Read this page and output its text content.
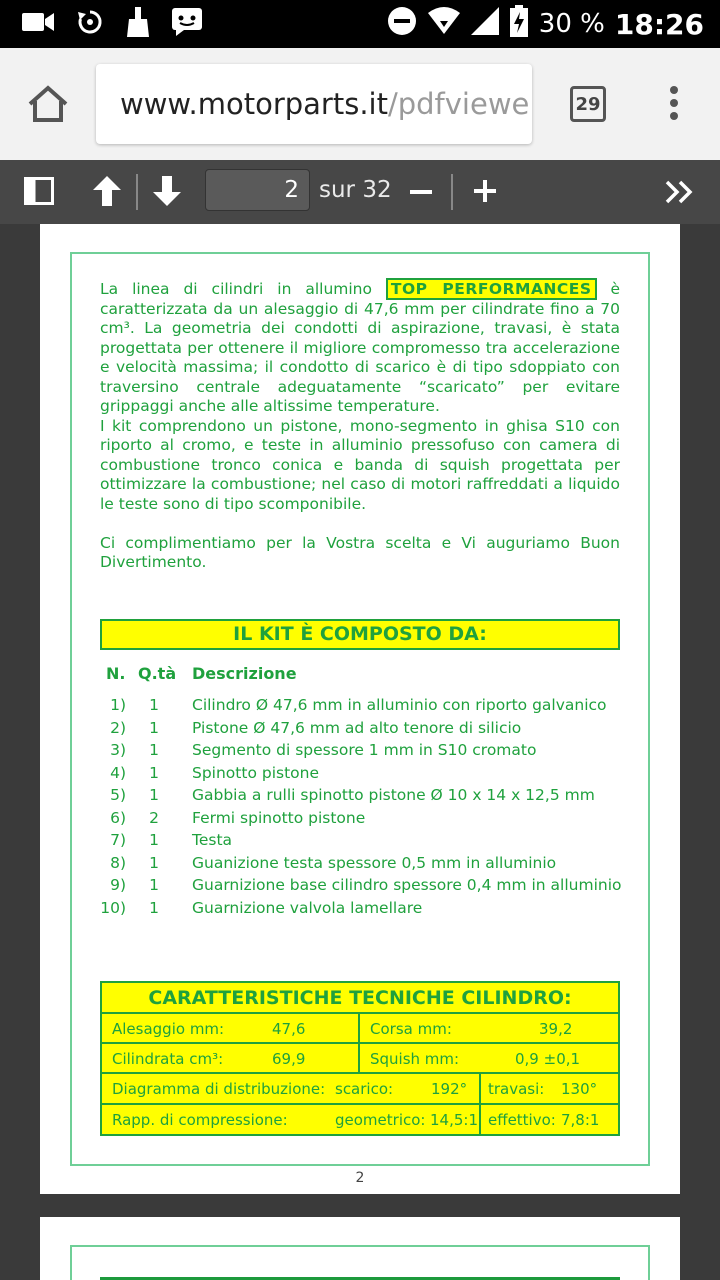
30 % 18:26
www.motorparts.it /pdfviewe	29
2 sur 32

La linea di cilindri in allumino TOP PERFORMANCES è caratterizzata da un alesaggio di 47,6 mm per cilindrate fino a 70 cm³. La geometria dei condotti di aspirazione, travasi, è stata progettata per ottenere il migliore compromesso tra accelerazione e velocità massima; il condotto di scarico è di tipo sdoppiato con traversino centrale adeguatamente “scaricato” per evitare grippaggi anche alle altissime temperature.

I kit comprendono un pistone, mono-segmento in ghisa S10 con riporto al cromo, e teste in alluminio pressofuso con camera di combustione tronco conica e banda di squish progettata per ottimizzare la combustione; nel caso di motori raffreddati a liquido le teste sono di tipo scomponibile.

Ci complimentiamo per la Vostra scelta e Vi auguriamo Buon Divertimento.

IL KIT È COMPOSTO DA:
N. Q.tà Descrizione
1) 1 Cilindro Ø 47,6 mm in alluminio con riporto galvanico
2) 1 Pistone Ø 47,6 mm ad alto tenore di silicio
3) 1 Segmento di spessore 1 mm in S10 cromato
4) 1 Spinotto pistone
5) 1 Gabbia a rulli spinotto pistone Ø 10 x 14 x 12,5 mm
6) 2 Fermi spinotto pistone
7) 1 Testa
8) 1 Guanizione testa spessore 0,5 mm in alluminio
9) 1 Guarnizione base cilindro spessore 0,4 mm in alluminio
10) 1 Guarnizione valvola lamellare
CARATTERISTICHE TECNICHE CILINDRO:
Alesaggio mm:	47,6	Corsa mm:	39,2
Cilindrata cm³:	69,9	Squish mm:	0,9 ±0,1
Diagramma di distribuzione: scarico:	192° travasi: 130°
Rapp. di compressione:	geometrico: 14,5:1 effettivo: 7,8:1
2
